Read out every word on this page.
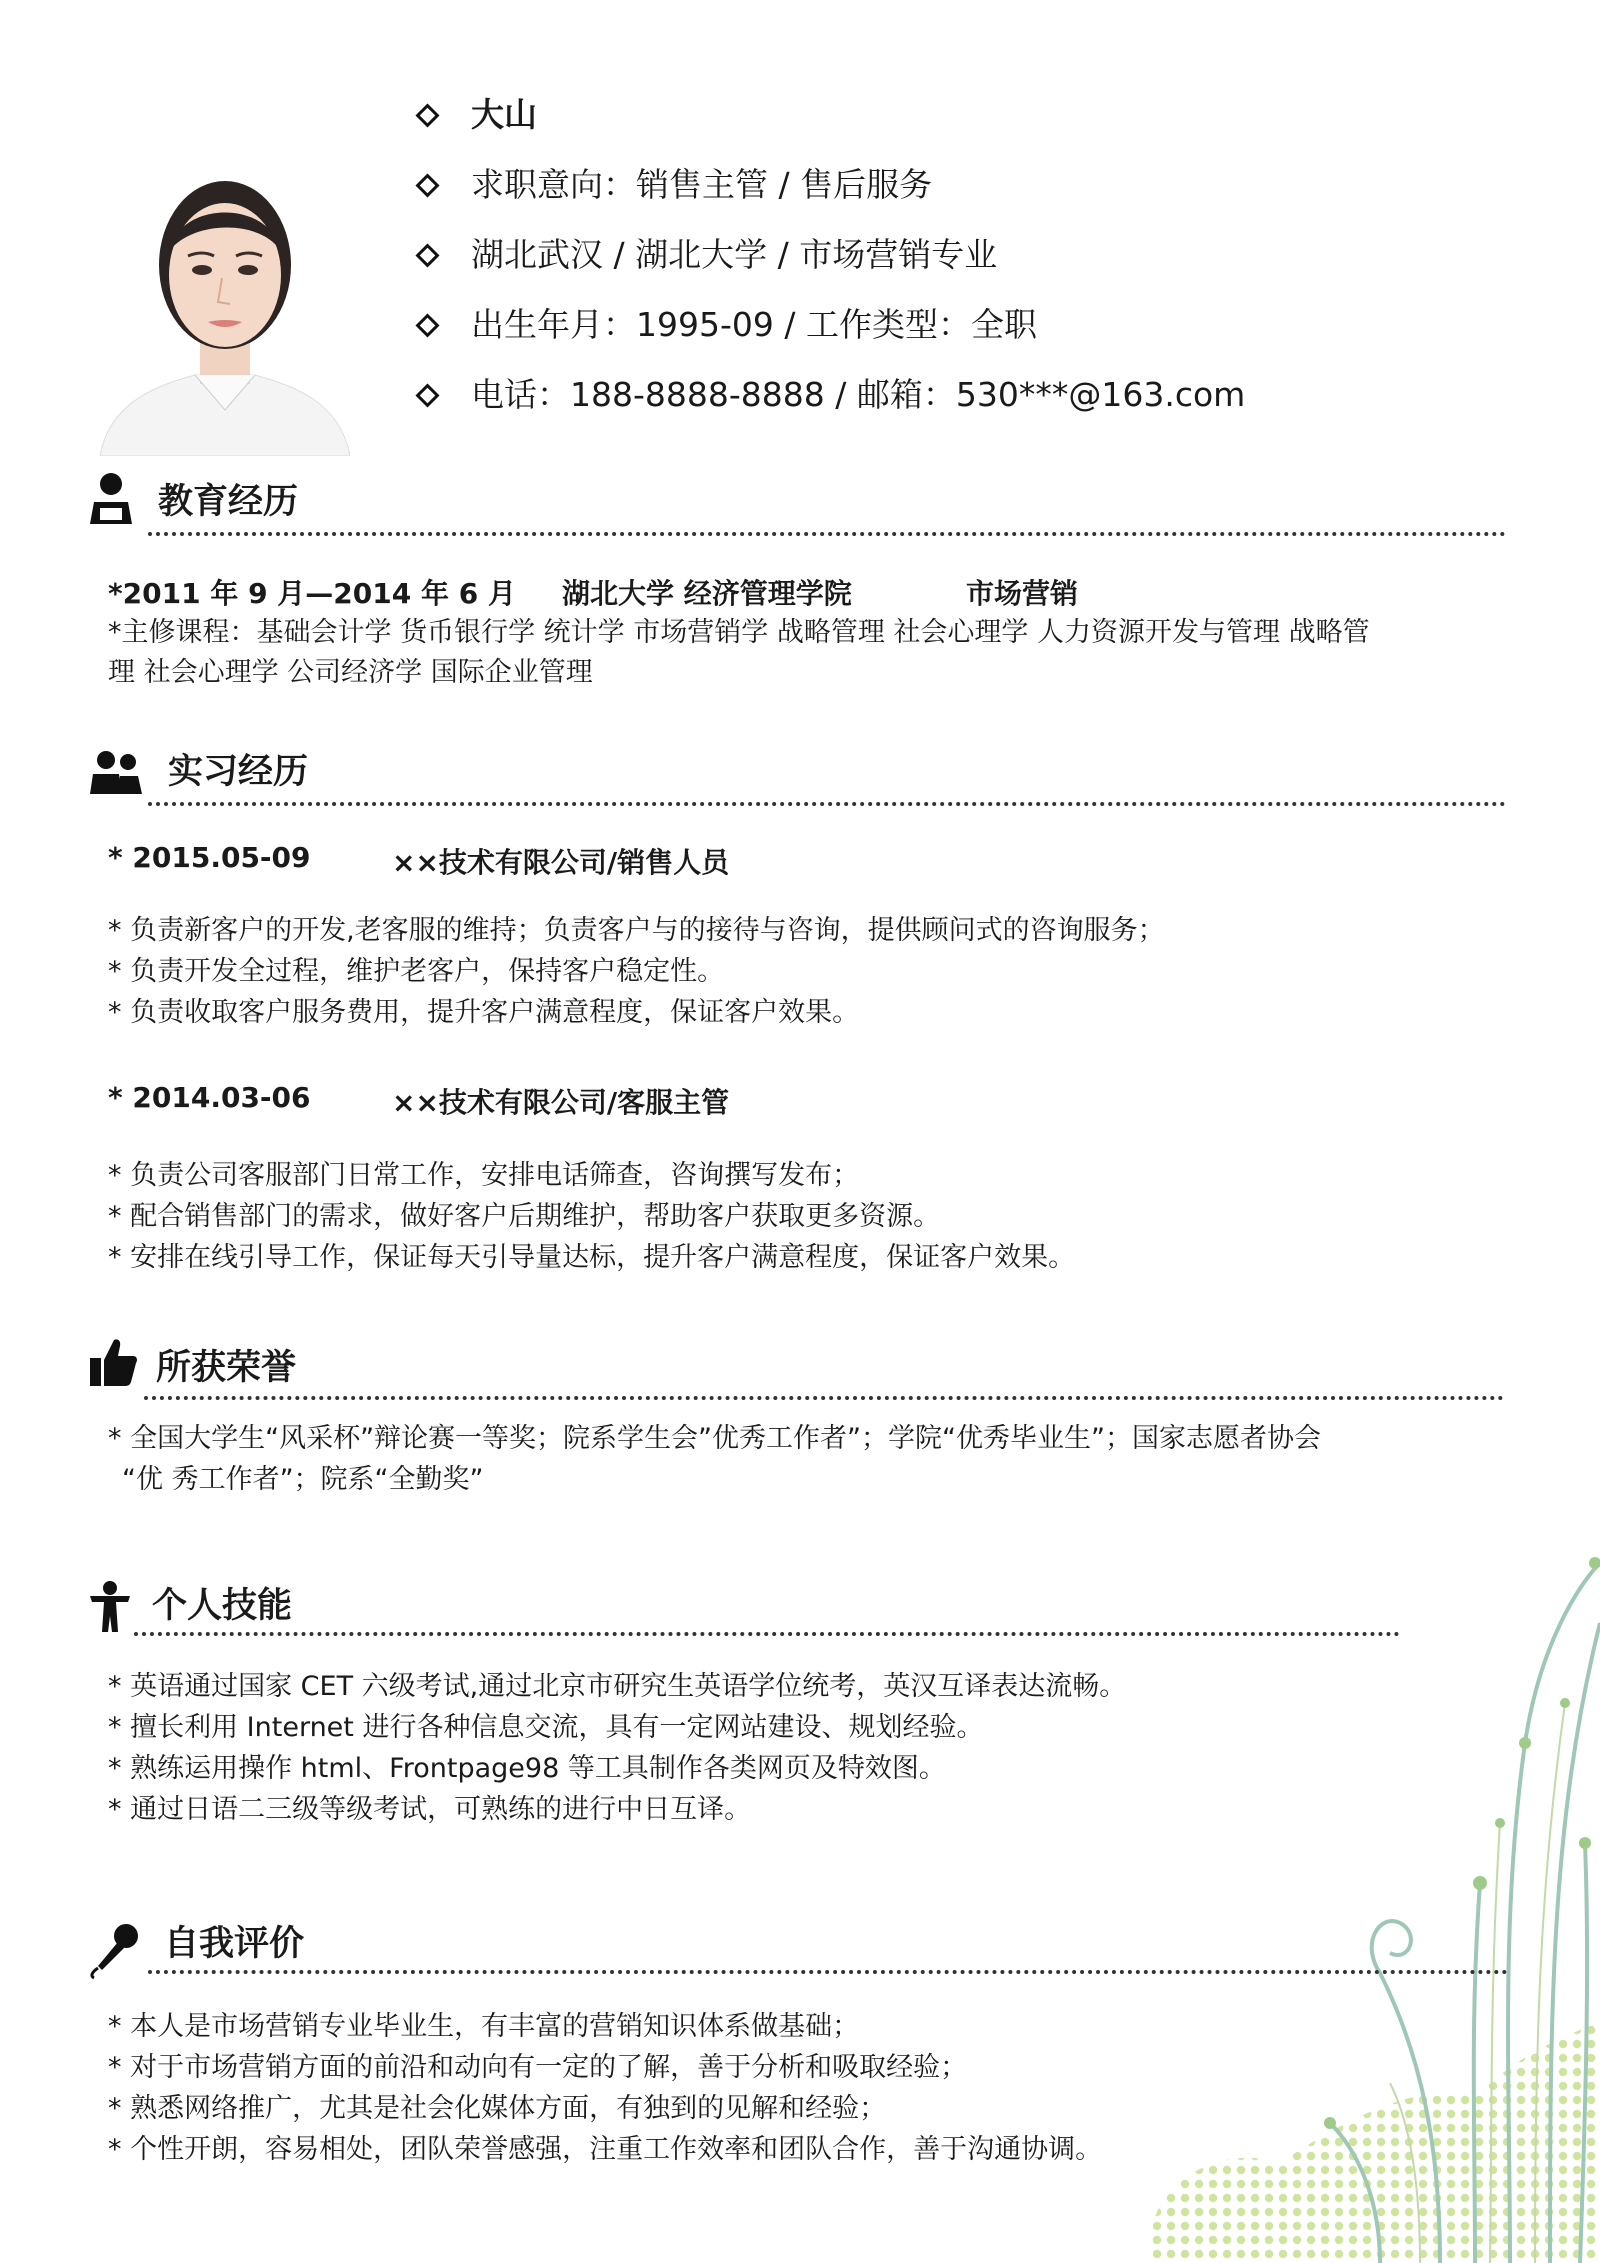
大山
求职意向：销售主管 / 售后服务
湖北武汉 / 湖北大学 / 市场营销专业
出生年月：1995-09 / 工作类型：全职
电话：188-8888-8888 / 邮箱：530***@163.com
教育经历
*2011 年 9 月—2014 年 6 月 湖北大学 经济管理学院	市场营销
*主修课程：基础会计学 货币银行学 统计学 市场营销学 战略管理 社会心理学 人力资源开发与管理 战略管
理 社会心理学 公司经济学 国际企业管理
实习经历
* 2015.05-09	××技术有限公司/销售人员
* 负责新客户的开发,老客服的维持；负责客户与的接待与咨询，提供顾问式的咨询服务；
* 负责开发全过程，维护老客户，保持客户稳定性。
* 负责收取客户服务费用，提升客户满意程度，保证客户效果。
* 2014.03-06	××技术有限公司/客服主管
* 负责公司客服部门日常工作，安排电话筛查，咨询撰写发布；
* 配合销售部门的需求，做好客户后期维护，帮助客户获取更多资源。
* 安排在线引导工作，保证每天引导量达标，提升客户满意程度，保证客户效果。
所获荣誉
* 全国大学生“风采杯”辩论赛一等奖；院系学生会”优秀工作者”；学院“优秀毕业生”；国家志愿者协会
“优 秀工作者”；院系“全勤奖”
个人技能
* 英语通过国家 CET 六级考试,通过北京市研究生英语学位统考，英汉互译表达流畅。
* 擅长利用 Internet 进行各种信息交流，具有一定网站建设、规划经验。
* 熟练运用操作 html、Frontpage98 等工具制作各类网页及特效图。
* 通过日语二三级等级考试，可熟练的进行中日互译。
自我评价
* 本人是市场营销专业毕业生，有丰富的营销知识体系做基础；
* 对于市场营销方面的前沿和动向有一定的了解，善于分析和吸取经验；
* 熟悉网络推广，尤其是社会化媒体方面，有独到的见解和经验；
* 个性开朗，容易相处，团队荣誉感强，注重工作效率和团队合作，善于沟通协调。
